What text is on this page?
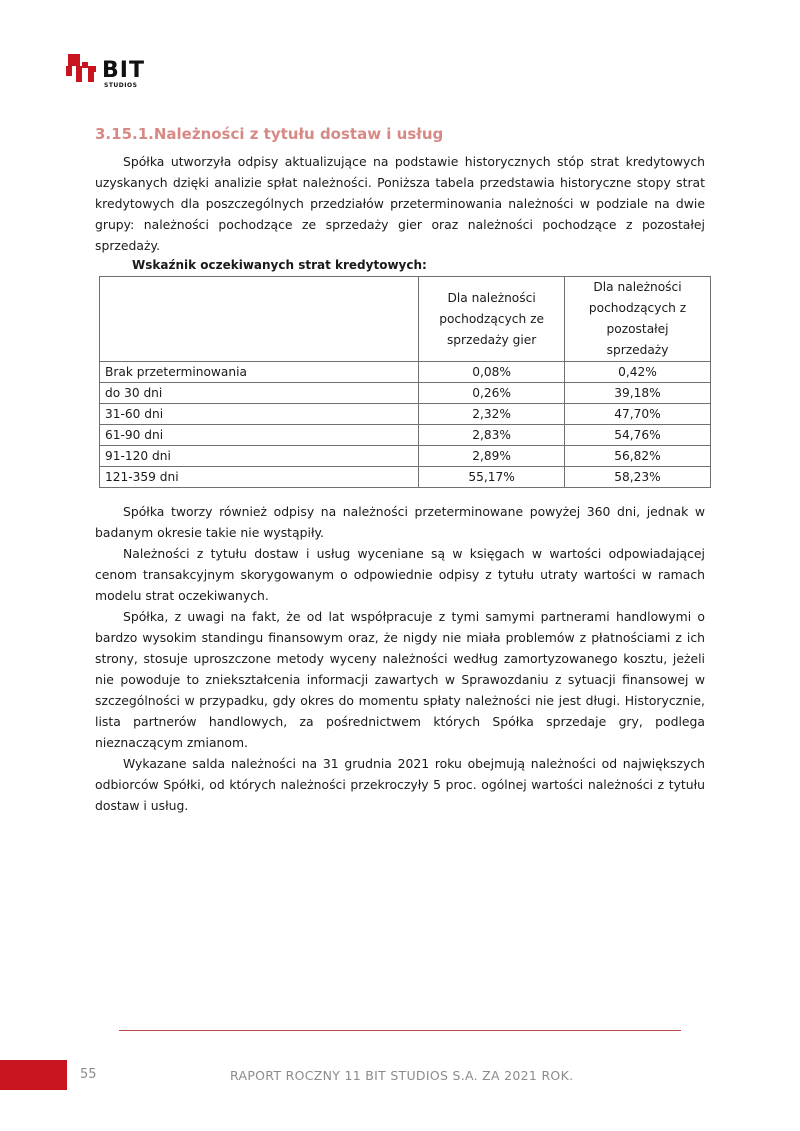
BIT
STUDIOS
3.15.1.Należności z tytułu dostaw i usług

Spółka utworzyła odpisy aktualizujące na podstawie historycznych stóp strat kredytowych uzyskanych dzięki analizie spłat należności. Poniższa tabela przedstawia historyczne stopy strat kredytowych dla poszczególnych przedziałów przeterminowania należności w podziale na dwie grupy: należności pochodzące ze sprzedaży gier oraz należności pochodzące z pozostałej sprzedaży.

Wskaźnik oczekiwanych strat kredytowych:

	Dla należności pochodzących ze sprzedaży gier	Dla należności pochodzących z pozostałej sprzedaży
Brak przeterminowania	0,08%	0,42%
do 30 dni	0,26%	39,18%
31-60 dni	2,32%	47,70%
61-90 dni	2,83%	54,76%
91-120 dni	2,89%	56,82%
121-359 dni	55,17%	58,23%

Spółka tworzy również odpisy na należności przeterminowane powyżej 360 dni, jednak w badanym okresie takie nie wystąpiły.

Należności z tytułu dostaw i usług wyceniane są w księgach w wartości odpowiadającej cenom transakcyjnym skorygowanym o odpowiednie odpisy z tytułu utraty wartości w ramach modelu strat oczekiwanych.

Spółka, z uwagi na fakt, że od lat współpracuje z tymi samymi partnerami handlowymi o bardzo wysokim standingu finansowym oraz, że nigdy nie miała problemów z płatnościami z ich strony, stosuje uproszczone metody wyceny należności według zamortyzowanego kosztu, jeżeli nie powoduje to zniekształcenia informacji zawartych w Sprawozdaniu z sytuacji finansowej w szczególności w przypadku, gdy okres do momentu spłaty należności nie jest długi. Historycznie, lista partnerów handlowych, za pośrednictwem których Spółka sprzedaje gry, podlega nieznaczącym zmianom.

Wykazane salda należności na 31 grudnia 2021 roku obejmują należności od największych odbiorców Spółki, od których należności przekroczyły 5 proc. ogólnej wartości należności z tytułu dostaw i usług.

55	RAPORT ROCZNY 11 BIT STUDIOS S.A. ZA 2021 ROK.
